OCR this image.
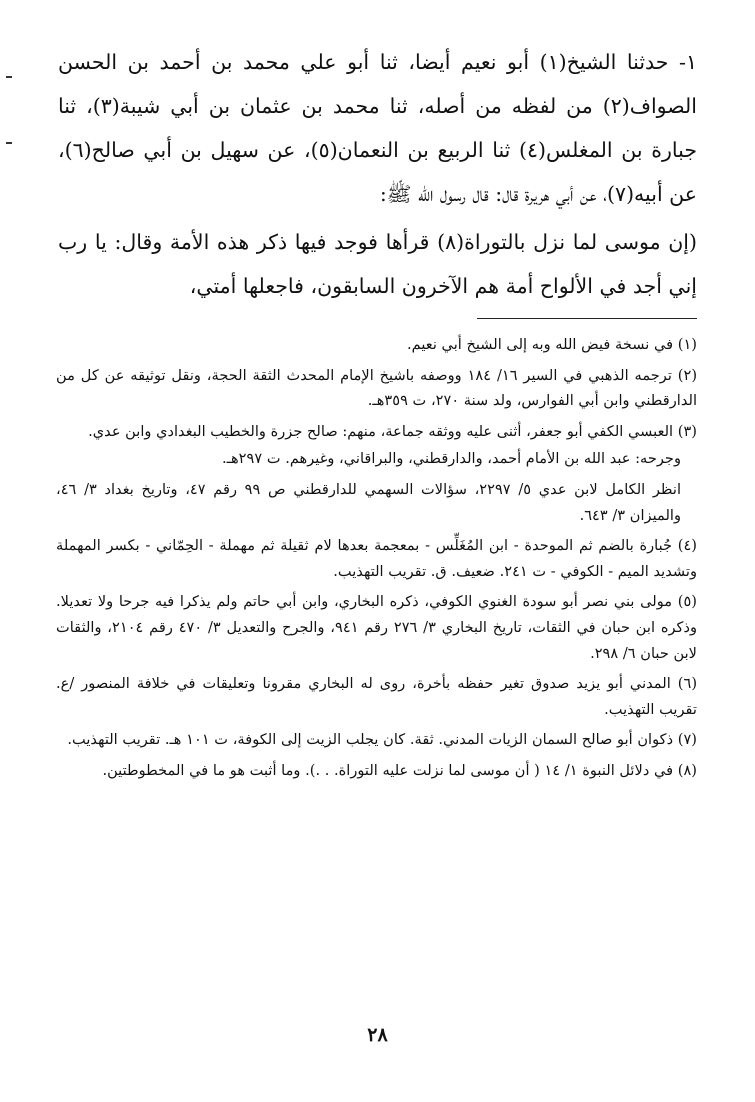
١- حدثنا الشيخ(١) أبو نعيم أيضا، ثنا أبو علي محمد بن أحمد بن الحسن الصواف(٢) من لفظه من أصله، ثنا محمد بن عثمان بن أبي شيبة(٣)، ثنا جبارة بن المغلس(٤) ثنا الربيع بن النعمان(٥)، عن سهيل بن أبي صالح(٦)، عن أبيه(٧)، عن أبي هريرة قال: قال رسول الله ﷺ:

(إن موسى لما نزل بالتوراة(٨) قرأها فوجد فيها ذكر هذه الأمة وقال: يا رب إني أجد في الألواح أمة هم الآخرون السابقون، فاجعلها أمتي،

(١) في نسخة فيض الله وبه إلى الشيخ أبي نعيم.

(٢) ترجمه الذهبي في السير ١٦/ ١٨٤ ووصفه باشيخ الإمام المحدث الثقة الحجة، ونقل توثيقه عن كل من الدارقطني وابن أبي الفوارس، ولد سنة ٢٧٠، ت ٣٥٩هـ.

(٣) العبسي الكفي أبو جعفر، أثنى عليه ووثقه جماعة، منهم: صالح جزرة والخطيب البغدادي وابن عدي.

وجرحه: عبد الله بن الأمام أحمد، والدارقطني، والبراقاني، وغيرهم. ت ٢٩٧هـ.

انظر الكامل لابن عدي ٥/ ٢٢٩٧، سؤالات السهمي للدارقطني ص ٩٩ رقم ٤٧، وتاريخ بغداد ٣/ ٤٦، والميزان ٣/ ٦٤٣.

(٤) جُبارة بالضم ثم الموحدة - ابن المُغَلِّس - بمعجمة بعدها لام ثقيلة ثم مهملة - الحِمّاني - بكسر المهملة وتشديد الميم - الكوفي - ت ٢٤١. ضعيف. ق. تقريب التهذيب.

(٥) مولى بني نصر أبو سودة الغنوي الكوفي، ذكره البخاري، وابن أبي حاتم ولم يذكرا فيه جرحا ولا تعديلا. وذكره ابن حبان في الثقات، تاريخ البخاري ٣/ ٢٧٦ رقم ٩٤١، والجرح والتعديل ٣/ ٤٧٠ رقم ٢١٠٤، والثقات لابن حبان ٦/ ٢٩٨.

(٦) المدني أبو يزيد صدوق تغير حفظه بأخرة، روى له البخاري مقرونا وتعليقات في خلافة المنصور /ع. تقريب التهذيب.

(٧) ذكوان أبو صالح السمان الزيات المدني. ثقة. كان يجلب الزيت إلى الكوفة، ت ١٠١ هـ. تقريب التهذيب.

(٨) في دلائل النبوة ١/ ١٤ ( أن موسى لما نزلت عليه التوراة. . .). وما أثبت هو ما في المخطوطتين.

٢٨
